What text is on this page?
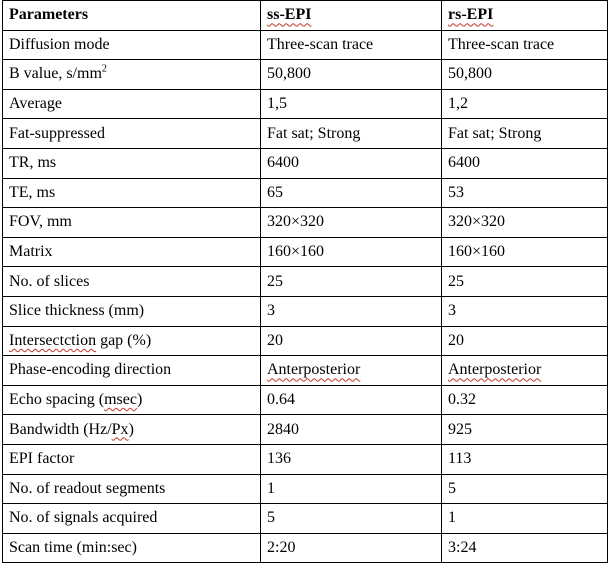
Parameters	ss-EPI	rs-EPI
Diffusion mode	Three-scan trace	Three-scan trace
B value, $s/mm^2$	50,800	50,800
Average	1,5	1,2
Fat-suppressed	Fat sat; Strong	Fat sat; Strong
TR, ms	6400	6400
TE, ms	65	53
FOV, mm	320×320	320×320
Matrix	160×160	160×160
No. of slices	25	25
Slice thickness (mm)	3	3
Intersectction gap (%)	20	20
Phase-encoding direction	Anterposterior	Anterposterior
Echo spacing (msec)	0.64	0.32
Bandwidth (Hz/Px)	2840	925
EPI factor	136	113
No. of readout segments	1	5
No. of signals acquired	5	1
Scan time (min:sec)	2:20	3:24
